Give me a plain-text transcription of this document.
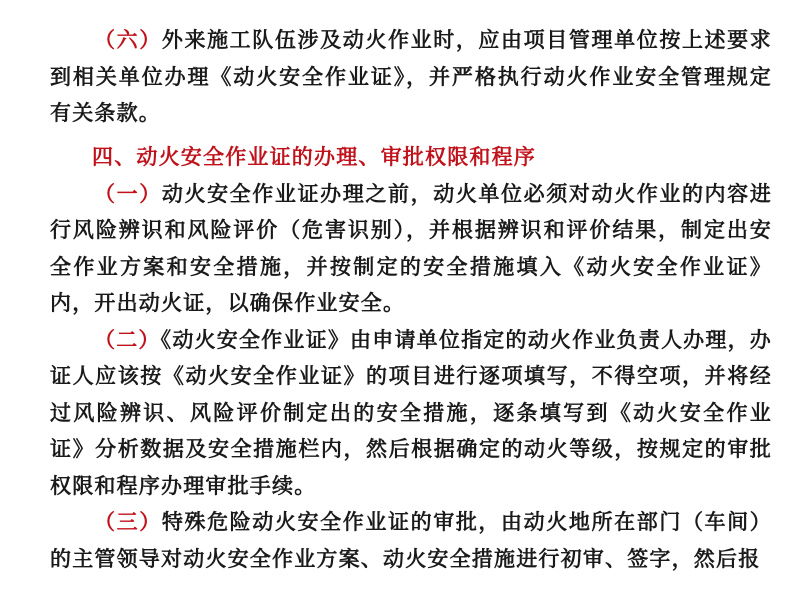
（六）外来施工队伍涉及动火作业时，应由项目管理单位按上述要求到相关单位办理《动火安全作业证》，并严格执行动火作业安全管理规定有关条款。

四、动火安全作业证的办理、审批权限和程序

（一）动火安全作业证办理之前，动火单位必须对动火作业的内容进行风险辨识和风险评价（危害识别），并根据辨识和评价结果，制定出安全作业方案和安全措施，并按制定的安全措施填入《动火安全作业证》内，开出动火证，以确保作业安全。

（二）《动火安全作业证》由申请单位指定的动火作业负责人办理，办证人应该按《动火安全作业证》的项目进行逐项填写，不得空项，并将经过风险辨识、风险评价制定出的安全措施，逐条填写到《动火安全作业证》分析数据及安全措施栏内，然后根据确定的动火等级，按规定的审批权限和程序办理审批手续。

（三）特殊危险动火安全作业证的审批，由动火地所在部门（车间）的主管领导对动火安全作业方案、动火安全措施进行初审、签字，然后报
